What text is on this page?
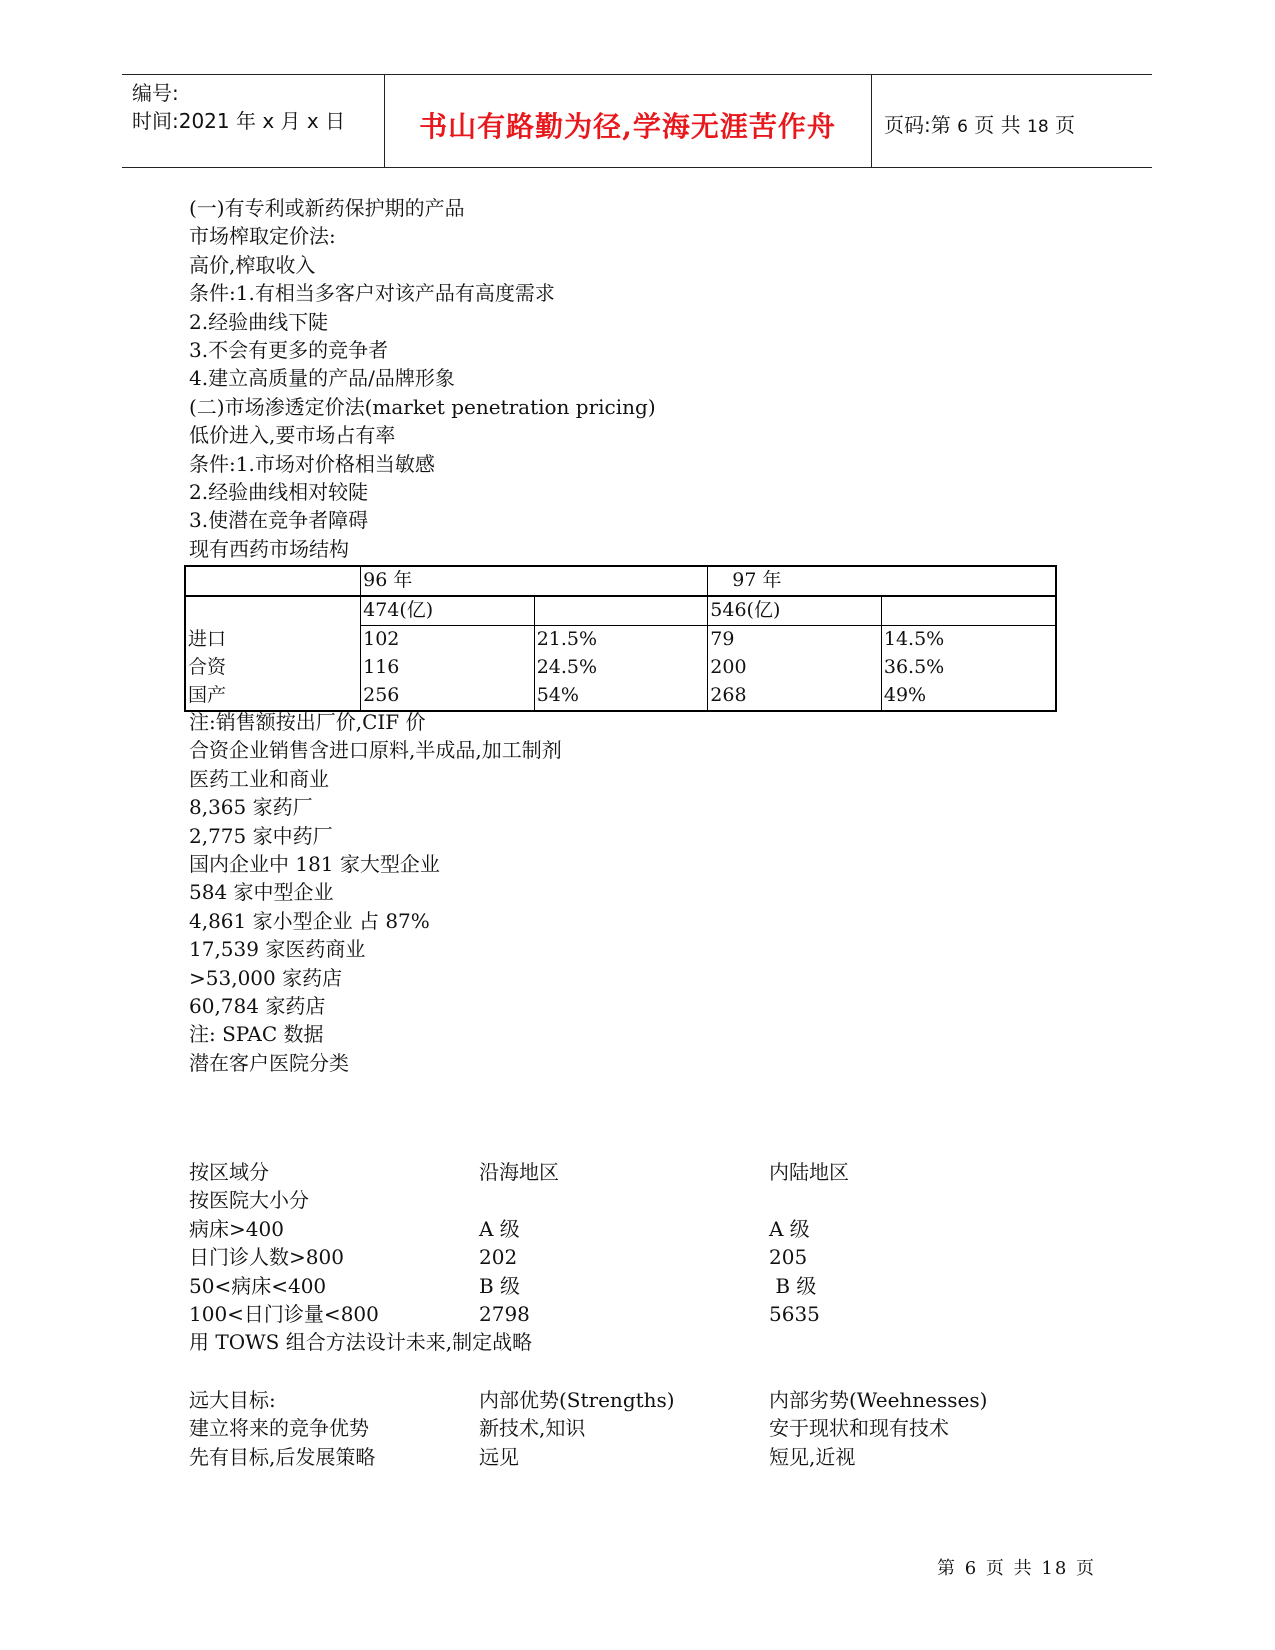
编号:
时间:2021 年 x 月 x 日	书山有路勤为径,学海无涯苦作舟	页码:第 6 页 共 18 页
(一)有专利或新药保护期的产品
市场榨取定价法:
高价,榨取收入
条件:1.有相当多客户对该产品有高度需求
2.经验曲线下陡
3.不会有更多的竞争者
4.建立高质量的产品/品牌形象
(二)市场渗透定价法(market penetration pricing)
低价进入,要市场占有率
条件:1.市场对价格相当敏感
2.经验曲线相对较陡
3.使潜在竞争者障碍
现有西药市场结构
	96 年		97 年	
	474(亿)		546(亿)	
进口	102	21.5%	79	14.5%
合资	116	24.5%	200	36.5%
国产	256	54%	268	49%
注:销售额按出厂价,CIF 价
合资企业销售含进口原料,半成品,加工制剂
医药工业和商业
8,365 家药厂
2,775 家中药厂
国内企业中 181 家大型企业
584 家中型企业
4,861 家小型企业 占 87%
17,539 家医药商业
>53,000 家药店
60,784 家药店
注: SPAC 数据
潜在客户医院分类
按区域分	沿海地区	内陆地区
按医院大小分
病床>400	A 级	A 级
日门诊人数>800	202	205
50<病床<400	B 级	B 级
100<日门诊量<800	2798	5635
用 TOWS 组合方法设计未来,制定战略
远大目标:	内部优势(Strengths)	内部劣势(Weehnesses)
建立将来的竞争优势	新技术,知识	安于现状和现有技术
先有目标,后发展策略	远见	短见,近视
第 6 页 共 18 页
